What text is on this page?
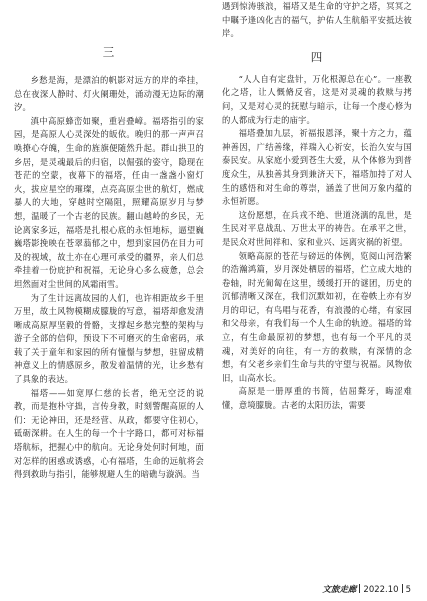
三

乡愁是海，是漂泊的帆影对远方的岸的牵挂，总在夜深人静时、灯火阑珊处，涌动漫无边际的潮汐。

滇中高原蜂峦如聚，重岩叠嶂。福塔指引的家园，是高原人心灵深处的皈依。晚归的那一声声召唤撩心夺魄，生命的旌旗便随然升起。群山拱卫的乡居，是灵魂最后的归宿，以倔强的姿守，隐现在苍茫的空蒙，夜幕下的福塔，任由一盏盏小窗灯火，拔应星空的璀璨，点亮高原尘世的航灯，燃成暴人的大地，穿越时空隔阻，照耀高原岁月与梦想，温暖了一个古老的民族。翻山越岭的乡民，无论离家多远，福塔是扎根心底的永恒地标，逼望巍巍塔影挽映在苍翠蓊郁之中，想到家园仍在目力可及的视域，故土亦在心理可承受的疆界，亲人们总牵挂着一份庇护和祝福，无论身心多么疲惫，总会坦然面对尘世间的风霜雨雪。

为了生计远离故园的人们，也许相距故乡千里万里，故土风物模糊成朦胧的写意，福塔却愈发清晰成高原厚坚毅的骨骼，支撑起乡愁完整的架构与游子全部的信仰，预设下不可磨灭的生命密码，承载了关于童年和家园的所有憧憬与梦想，驻留成精神意义上的情感原乡，散发着温情的光，让乡愁有了具象的表达。

福塔——如宽厚仁慈的长者，绝无空泛的说教，而是抱朴守拙，言传身教，时刻警醒高原的人们：无论神田，还是经营、从政，都要守住初心，砥砺深耕。在人生的每一个十字路口，都可对标福塔航标，把握心中的航向。无论身处何时何地，面对怎样的困惑或诱惑，心有福塔，生命的远航将会得到救助与指引，能够规避人生的暗礁与漩涡。当

遇到惊涛骇浪，福塔又是生命的守护之塔，冥冥之中瞩予逢凶化吉的福气，护佑人生航船平安抵达彼岸。

四

“人人自有定盘针，万化根源总在心”。一座教化之塔，让人慨脩反省，这是对灵魂的救赎与拷问，又是对心灵的抚慰与暗示，让每一个虔心修为的人都成为行走的庙宇。

福塔叠加九层，祈福报恩泽，聚十方之力，蕴神善因，广结善缘，祥瑞入心祈安，长治久安与国泰民安。从家庭小爱到苍生大爱，从个体修为到普度众生，从独善其身到兼济天下，福塔加持了对人生的感悟和对生命的尊崇，涵盖了世间万象内蕴的永恒祈愿。

这份愿想，在兵戎不绝、世道浇漓的乱世，是生民对平息战乱、万世太平的祷告。在承平之世，是民众对世间祥和、家和业兴、远离灾祸的祈望。

领略高原的苍茫与磅远的体例，览阅山河浩繁的浩瀚鸿篇，岁月深处栖居的福塔，伫立成大地的卷轴，时光匍匐在这里，缓缓打开的谜团，历史的沉郁清晰又深在，我们沉默如初，在卷帙上亦有岁月的印记，有鸟唱与花香，有浪漫的心绪，有家园和父母亲，有我们每一个人生命的轨迹。福塔的耸立，有生命最原初的梦想，也有每一个平凡的灵魂，对美好的向往，有一方的救赎，有深情的念想，有父老乡亲们生命与共的守望与祝福。风物依旧，山高水长。

高原是一册厚重的书简，佶屈聱牙，晦涩难懂，意境朦胧。古老的太阳历法，需要

文旅走廊 2022.10 5
